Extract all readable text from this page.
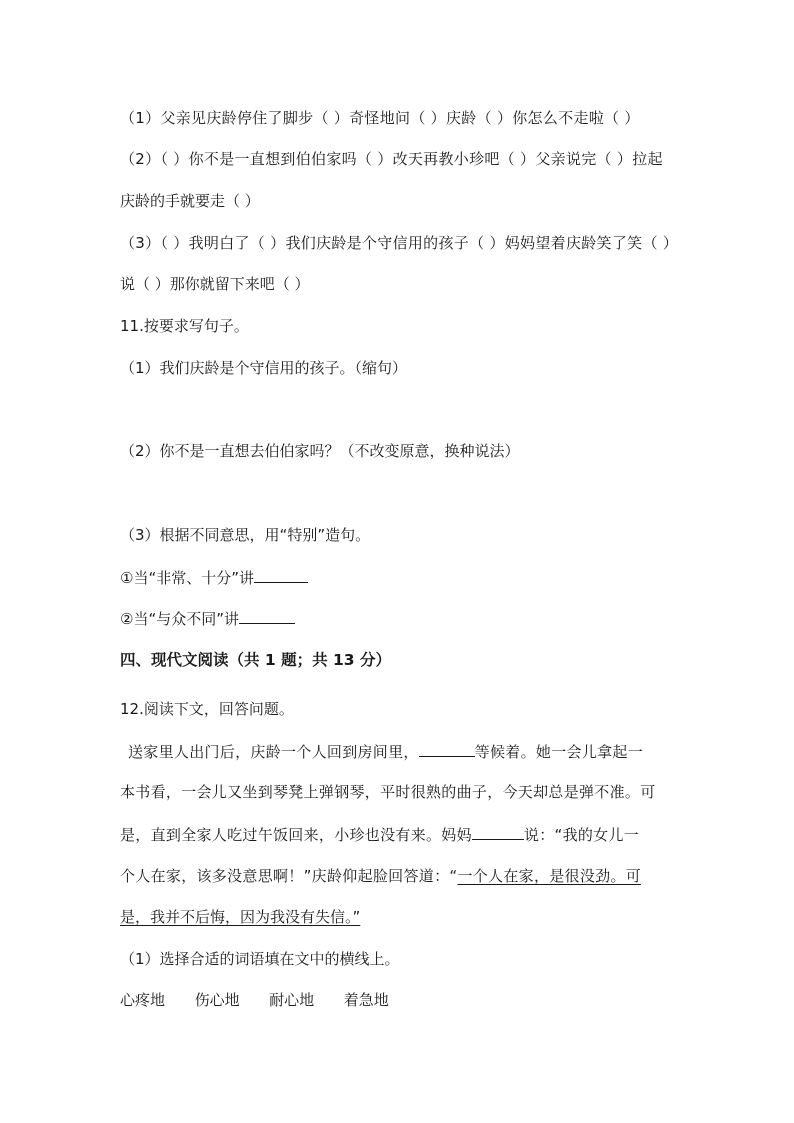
（1）父亲见庆龄停住了脚步（ ）奇怪地问（ ）庆龄（ ）你怎么不走啦（ ）
（2）（ ）你不是一直想到伯伯家吗（ ）改天再教小珍吧（ ）父亲说完（ ）拉起
庆龄的手就要走（ ）
（3）（ ）我明白了（ ）我们庆龄是个守信用的孩子（ ）妈妈望着庆龄笑了笑（ ）
说（ ）那你就留下来吧（ ）
11.按要求写句子。
（1）我们庆龄是个守信用的孩子。（缩句）
（2）你不是一直想去伯伯家吗？（不改变原意，换种说法）
（3）根据不同意思，用“特别”造句。
①当“非常、十分”讲
②当“与众不同”讲
四、现代文阅读（共 1 题；共 13 分）
12.阅读下文，回答问题。
送家里人出门后，庆龄一个人回到房间里，	等候着。她一会儿拿起一
本书看，一会儿又坐到琴凳上弹钢琴，平时很熟的曲子，今天却总是弹不准。可
是，直到全家人吃过午饭回来，小珍也没有来。妈妈	说：“我的女儿一
个人在家，该多没意思啊！”庆龄仰起脸回答道：“一个人在家，是很没劲。可
是，我并不后悔，因为我没有失信。”
（1）选择合适的词语填在文中的横线上。
心疼地 伤心地 耐心地 着急地
